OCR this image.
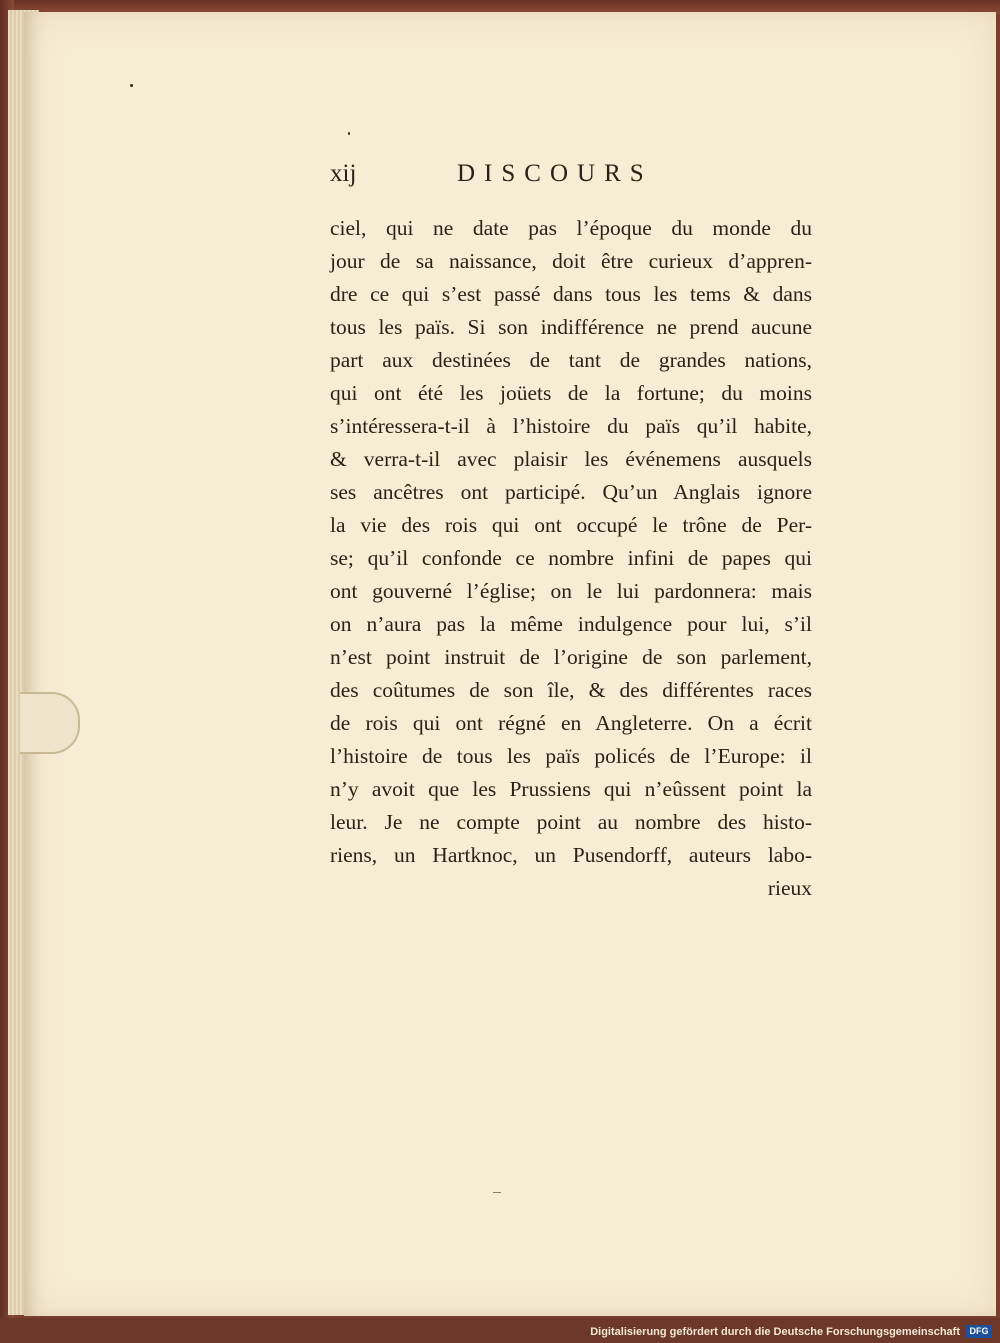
xij	DISCOURS
ciel, qui ne date pas l’époque du monde du
jour de sa naissance, doit être curieux d’appren-
dre ce qui s’est passé dans tous les tems & dans
tous les païs. Si son indifférence ne prend aucune
part aux destinées de tant de grandes nations,
qui ont été les joüets de la fortune; du moins
s’intéressera-t-il à l’histoire du païs qu’il habite,
& verra-t-il avec plaisir les événemens ausquels
ses ancêtres ont participé. Qu’un Anglais ignore
la vie des rois qui ont occupé le trône de Per-
se; qu’il confonde ce nombre infini de papes qui
ont gouverné l’église; on le lui pardonnera: mais
on n’aura pas la même indulgence pour lui, s’il
n’est point instruit de l’origine de son parlement,
des coûtumes de son île, & des différentes races
de rois qui ont régné en Angleterre. On a écrit
l’histoire de tous les païs policés de l’Europe: il
n’y avoit que les Prussiens qui n’eûssent point la
leur. Je ne compte point au nombre des histo-
riens, un Hartknoc, un Pusendorff, auteurs labo-
rieux
Digitalisierung gefördert durch die Deutsche Forschungsgemeinschaft	DFG
